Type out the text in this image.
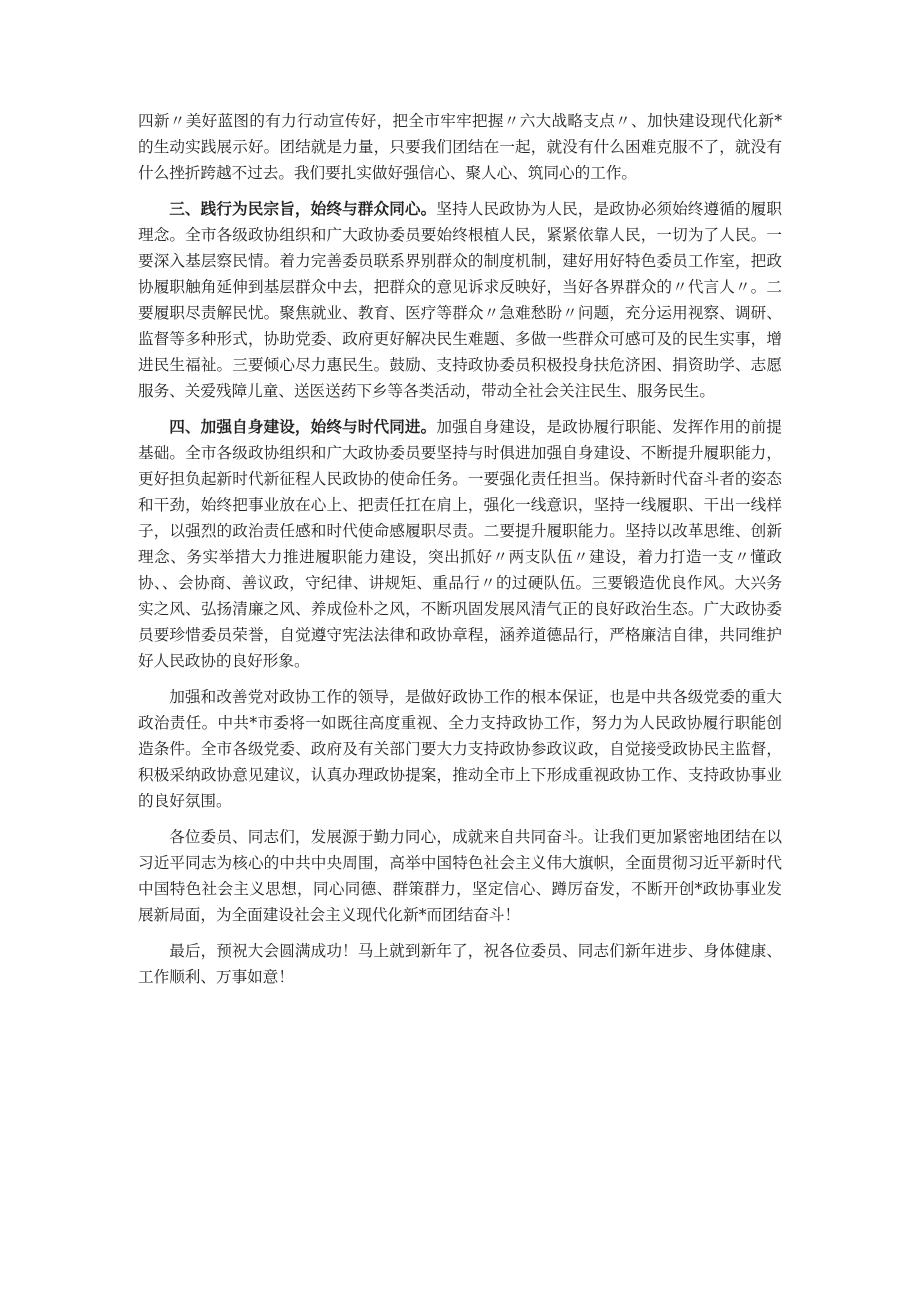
四新〃美好蓝图的有力行动宣传好，把全市牢牢把握〃六大战略支点〃、加快建设现代化新*的生动实践展示好。团结就是力量，只要我们团结在一起，就没有什么困难克服不了，就没有什么挫折跨越不过去。我们要扎实做好强信心、聚人心、筑同心的工作。

三、践行为民宗旨，始终与群众同心。坚持人民政协为人民，是政协必须始终遵循的履职理念。全市各级政协组织和广大政协委员要始终根植人民，紧紧依靠人民，一切为了人民。一要深入基层察民情。着力完善委员联系界别群众的制度机制，建好用好特色委员工作室，把政协履职触角延伸到基层群众中去，把群众的意见诉求反映好，当好各界群众的〃代言人〃。二要履职尽责解民忧。聚焦就业、教育、医疗等群众〃急难愁盼〃问题，充分运用视察、调研、监督等多种形式，协助党委、政府更好解决民生难题、多做一些群众可感可及的民生实事，增进民生福祉。三要倾心尽力惠民生。鼓励、支持政协委员积极投身扶危济困、捐资助学、志愿服务、关爱残障儿童、送医送药下乡等各类活动，带动全社会关注民生、服务民生。

四、加强自身建设，始终与时代同进。加强自身建设，是政协履行职能、发挥作用的前提基础。全市各级政协组织和广大政协委员要坚持与时俱进加强自身建设、不断提升履职能力，更好担负起新时代新征程人民政协的使命任务。一要强化责任担当。保持新时代奋斗者的姿态和干劲，始终把事业放在心上、把责任扛在肩上，强化一线意识，坚持一线履职、干出一线样子，以强烈的政治责任感和时代使命感履职尽责。二要提升履职能力。坚持以改革思维、创新理念、务实举措大力推进履职能力建设，突出抓好〃两支队伍〃建设，着力打造一支〃懂政协、、会协商、善议政，守纪律、讲规矩、重品行〃的过硬队伍。三要锻造优良作风。大兴务实之风、弘扬清廉之风、养成俭朴之风，不断巩固发展风清气正的良好政治生态。广大政协委员要珍惜委员荣誉，自觉遵守宪法法律和政协章程，涵养道德品行，严格廉洁自律，共同维护好人民政协的良好形象。

加强和改善党对政协工作的领导，是做好政协工作的根本保证，也是中共各级党委的重大政治责任。中共*市委将一如既往高度重视、全力支持政协工作，努力为人民政协履行职能创造条件。全市各级党委、政府及有关部门要大力支持政协参政议政，自觉接受政协民主监督，积极采纳政协意见建议，认真办理政协提案，推动全市上下形成重视政协工作、支持政协事业的良好氛围。

各位委员、同志们，发展源于勤力同心，成就来自共同奋斗。让我们更加紧密地团结在以习近平同志为核心的中共中央周围，高举中国特色社会主义伟大旗帜，全面贯彻习近平新时代中国特色社会主义思想，同心同德、群策群力，坚定信心、蹲厉奋发，不断开创*政协事业发展新局面，为全面建设社会主义现代化新*而团结奋斗！

最后，预祝大会圆满成功！马上就到新年了，祝各位委员、同志们新年进步、身体健康、工作顺利、万事如意！
